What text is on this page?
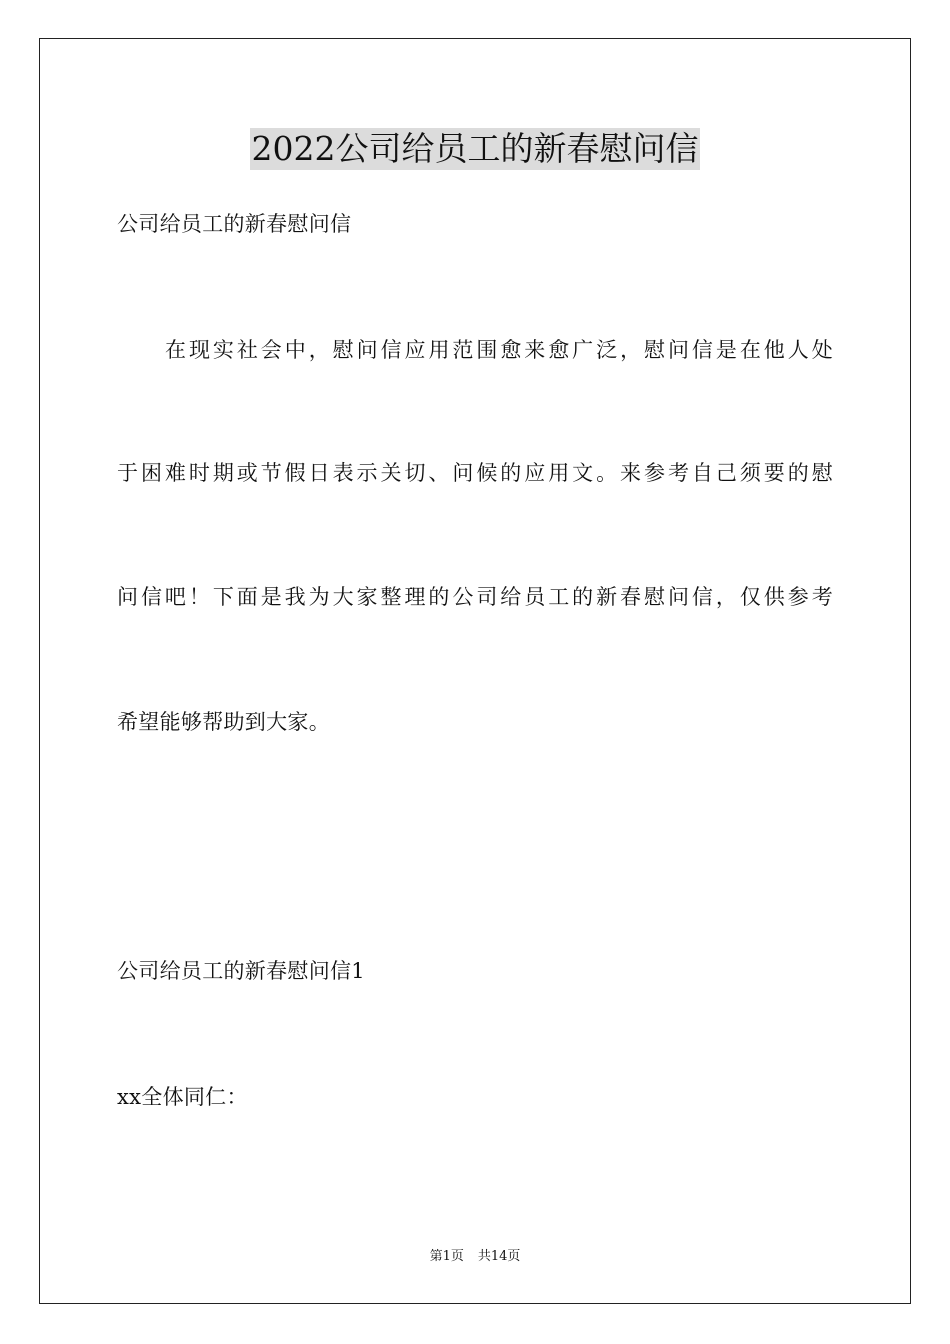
2022公司给员工的新春慰问信
公司给员工的新春慰问信
在现实社会中，慰问信应用范围愈来愈广泛，慰问信是在他人处
于困难时期或节假日表示关切、问候的应用文。来参考自己须要的慰
问信吧！下面是我为大家整理的公司给员工的新春慰问信，仅供参考
希望能够帮助到大家。
公司给员工的新春慰问信1
xx全体同仁：
第1页 共14页
